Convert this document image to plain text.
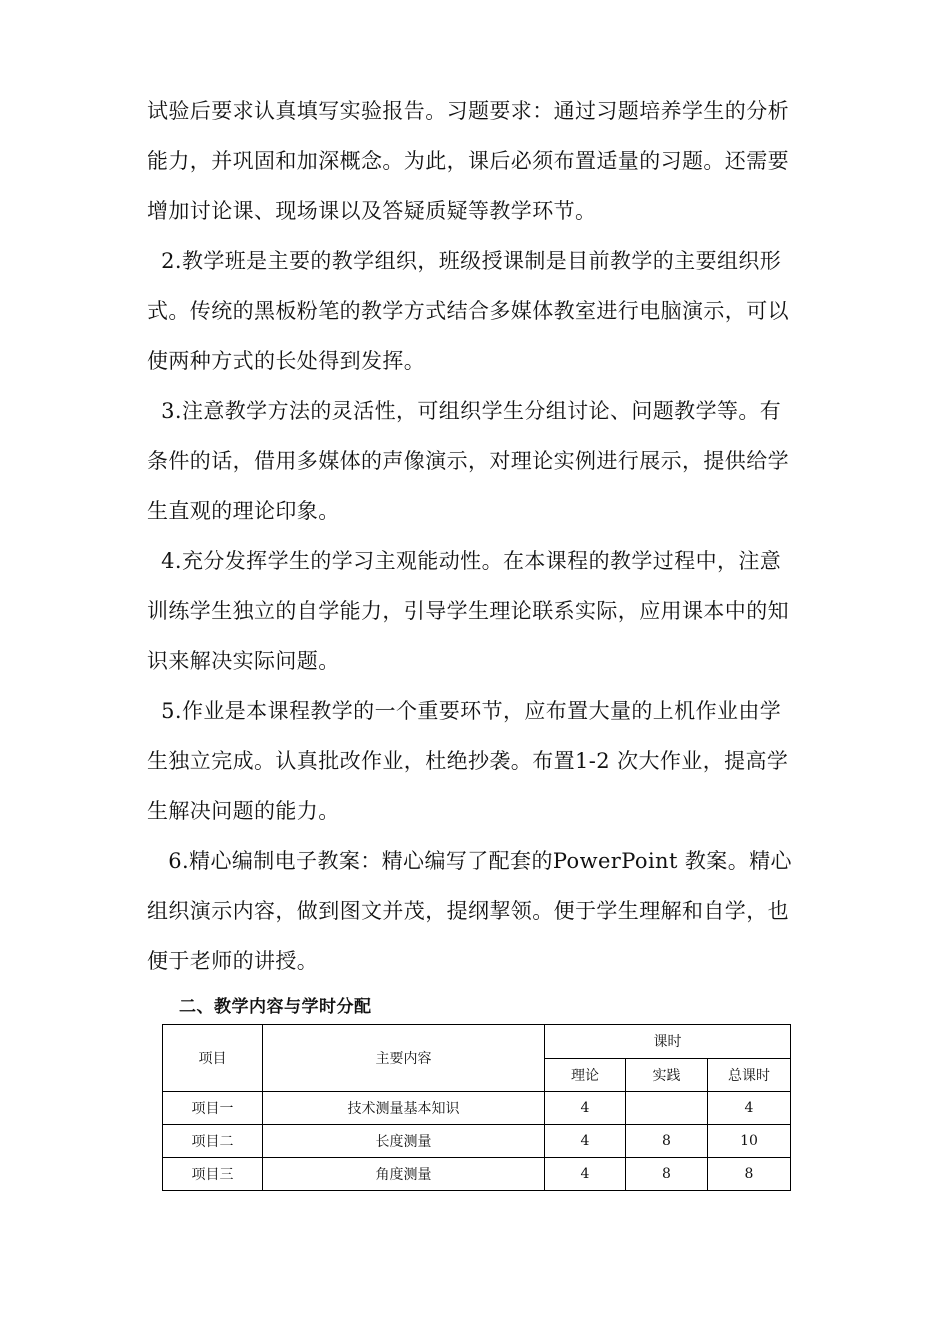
试验后要求认真填写实验报告。习题要求：通过习题培养学生的分析
能力，并巩固和加深概念。为此，课后必须布置适量的习题。还需要
增加讨论课、现场课以及答疑质疑等教学环节。

2.教学班是主要的教学组织，班级授课制是目前教学的主要组织形
式。传统的黑板粉笔的教学方式结合多媒体教室进行电脑演示，可以
使两种方式的长处得到发挥。

3.注意教学方法的灵活性，可组织学生分组讨论、问题教学等。有
条件的话，借用多媒体的声像演示，对理论实例进行展示，提供给学
生直观的理论印象。

4.充分发挥学生的学习主观能动性。在本课程的教学过程中，注意
训练学生独立的自学能力，引导学生理论联系实际，应用课本中的知
识来解决实际问题。

5.作业是本课程教学的一个重要环节，应布置大量的上机作业由学
生独立完成。认真批改作业，杜绝抄袭。布置1-2 次大作业，提高学
生解决问题的能力。

6.精心编制电子教案：精心编写了配套的PowerPoint 教案。精心
组织演示内容，做到图文并茂，提纲挈领。便于学生理解和自学，也
便于老师的讲授。

二、教学内容与学时分配
项目	主要内容	课时		
		理论	实践	总课时
项目一	技术测量基本知识	4		4
项目二	长度测量	4	8	10
项目三	角度测量	4	8	8
